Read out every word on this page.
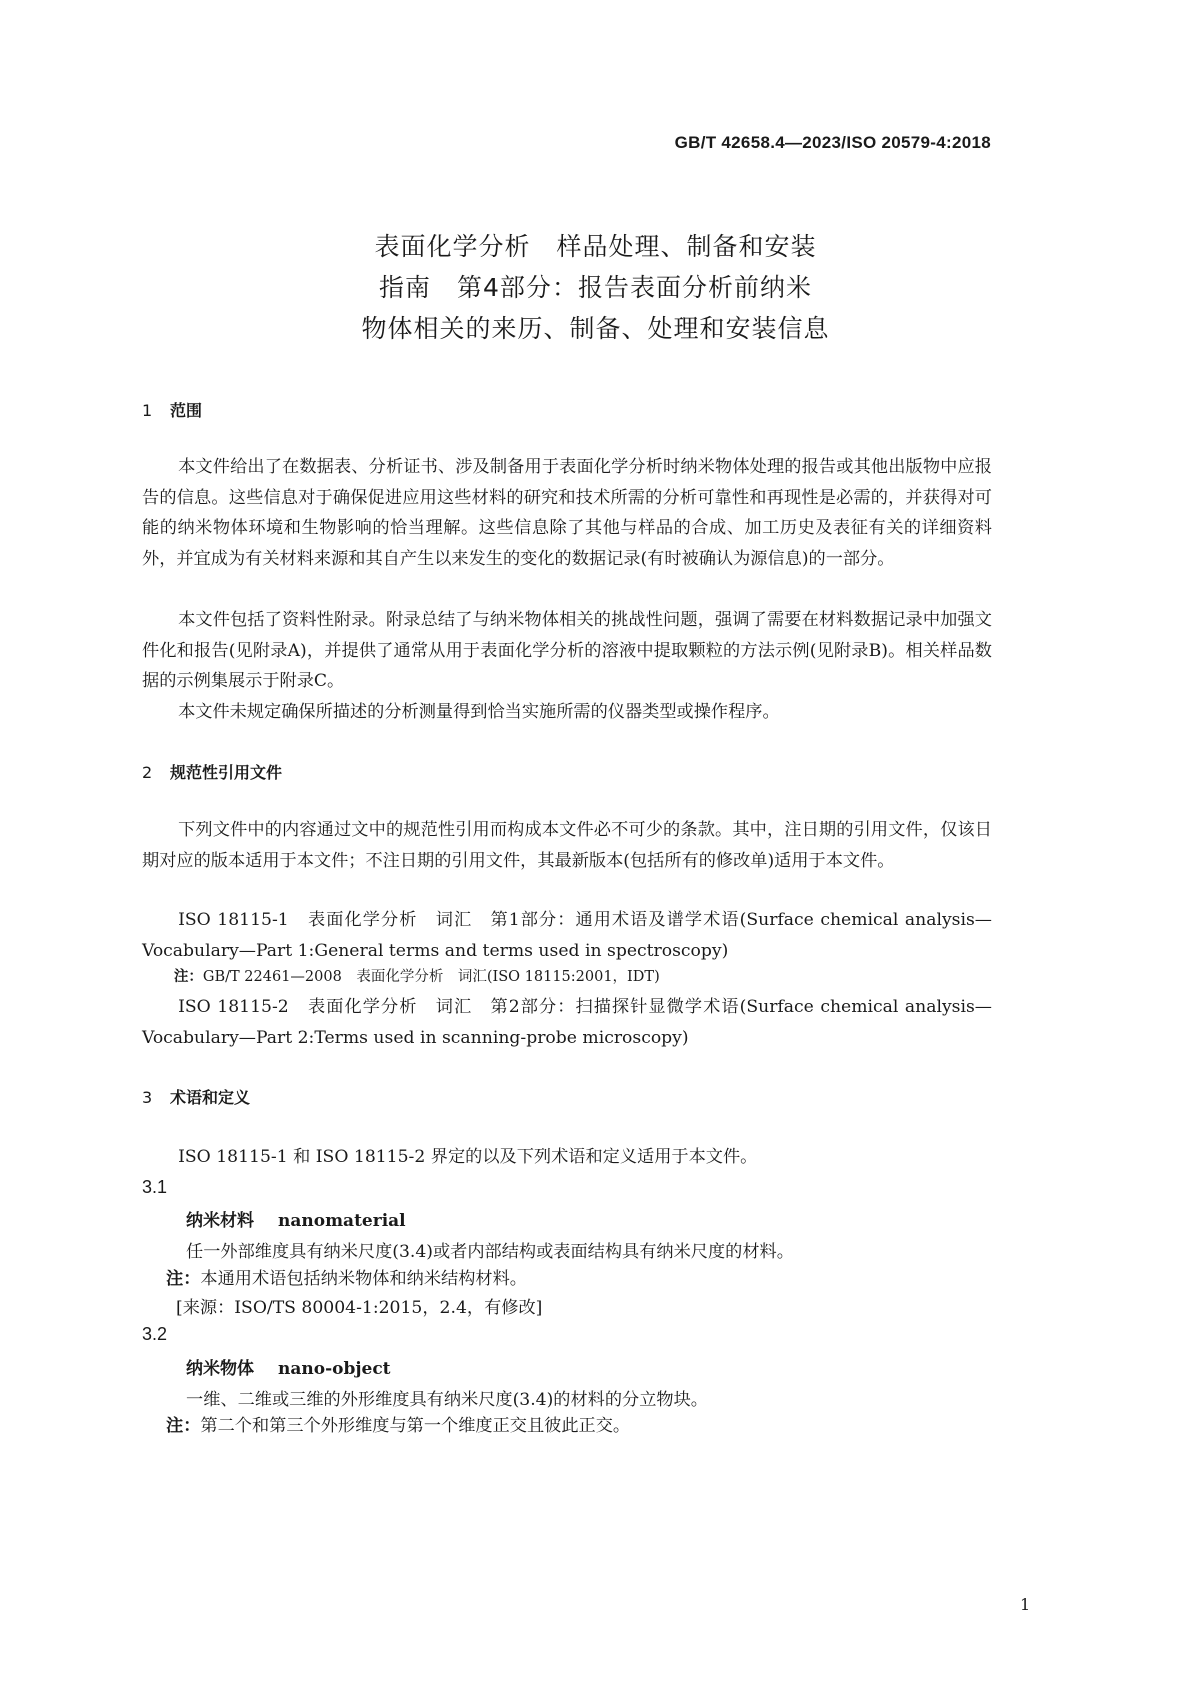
GB/T 42658.4—2023/ISO 20579-4:2018
表面化学分析　样品处理、制备和安装
指南　第4部分：报告表面分析前纳米
物体相关的来历、制备、处理和安装信息
1 范围
本文件给出了在数据表、分析证书、涉及制备用于表面化学分析时纳米物体处理的报告或其他出版物中应报告的信息。这些信息对于确保促进应用这些材料的研究和技术所需的分析可靠性和再现性是必需的，并获得对可能的纳米物体环境和生物影响的恰当理解。这些信息除了其他与样品的合成、加工历史及表征有关的详细资料外，并宜成为有关材料来源和其自产生以来发生的变化的数据记录(有时被确认为源信息)的一部分。
本文件包括了资料性附录。附录总结了与纳米物体相关的挑战性问题，强调了需要在材料数据记录中加强文件化和报告(见附录A)，并提供了通常从用于表面化学分析的溶液中提取颗粒的方法示例(见附录B)。相关样品数据的示例集展示于附录C。
本文件未规定确保所描述的分析测量得到恰当实施所需的仪器类型或操作程序。
2 规范性引用文件
下列文件中的内容通过文中的规范性引用而构成本文件必不可少的条款。其中，注日期的引用文件，仅该日期对应的版本适用于本文件；不注日期的引用文件，其最新版本(包括所有的修改单)适用于本文件。
ISO 18115-1　表面化学分析　词汇　第1部分：通用术语及谱学术语(Surface chemical analysis—Vocabulary—Part 1:General terms and terms used in spectroscopy)
注：GB/T 22461—2008　表面化学分析　词汇(ISO 18115:2001，IDT)
ISO 18115-2　表面化学分析　词汇　第2部分：扫描探针显微学术语(Surface chemical analysis—Vocabulary—Part 2:Terms used in scanning-probe microscopy)
3 术语和定义
ISO 18115-1 和 ISO 18115-2 界定的以及下列术语和定义适用于本文件。
3.1
纳米材料 nanomaterial
任一外部维度具有纳米尺度(3.4)或者内部结构或表面结构具有纳米尺度的材料。
注：本通用术语包括纳米物体和纳米结构材料。
[来源：ISO/TS 80004-1:2015，2.4，有修改]
3.2
纳米物体 nano-object
一维、二维或三维的外形维度具有纳米尺度(3.4)的材料的分立物块。
注：第二个和第三个外形维度与第一个维度正交且彼此正交。
1
